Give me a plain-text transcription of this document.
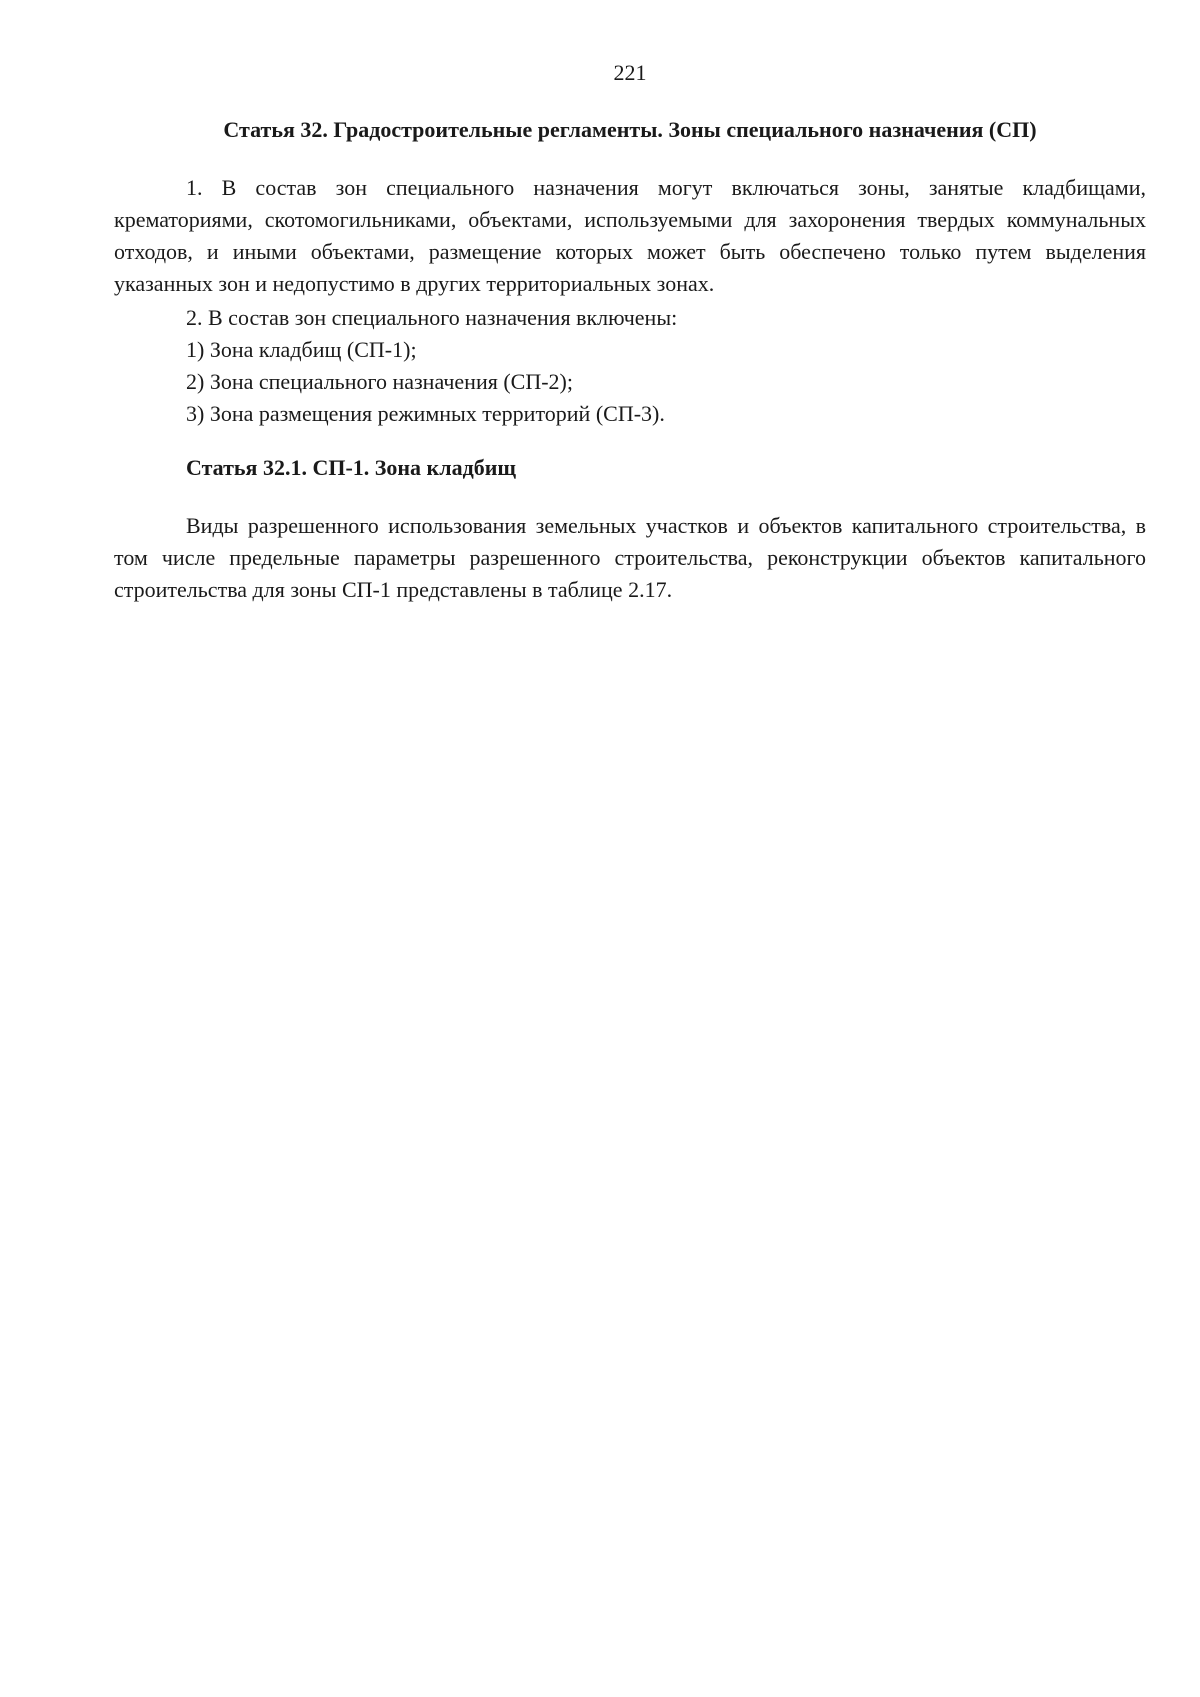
221
Статья 32. Градостроительные регламенты. Зоны специального назначения (СП)

1. В состав зон специального назначения могут включаться зоны, занятые кладбищами, крематориями, скотомогильниками, объектами, используемыми для захоронения твердых коммунальных отходов, и иными объектами, размещение которых может быть обеспечено только путем выделения указанных зон и недопустимо в других территориальных зонах.

2. В состав зон специального назначения включены:

1) Зона кладбищ (СП-1);

2) Зона специального назначения (СП-2);

3) Зона размещения режимных территорий (СП-3).

Статья 32.1. СП-1. Зона кладбищ

Виды разрешенного использования земельных участков и объектов капитального строительства, в том числе предельные параметры разрешенного строительства, реконструкции объектов капитального строительства для зоны СП-1 представлены в таблице 2.17.
